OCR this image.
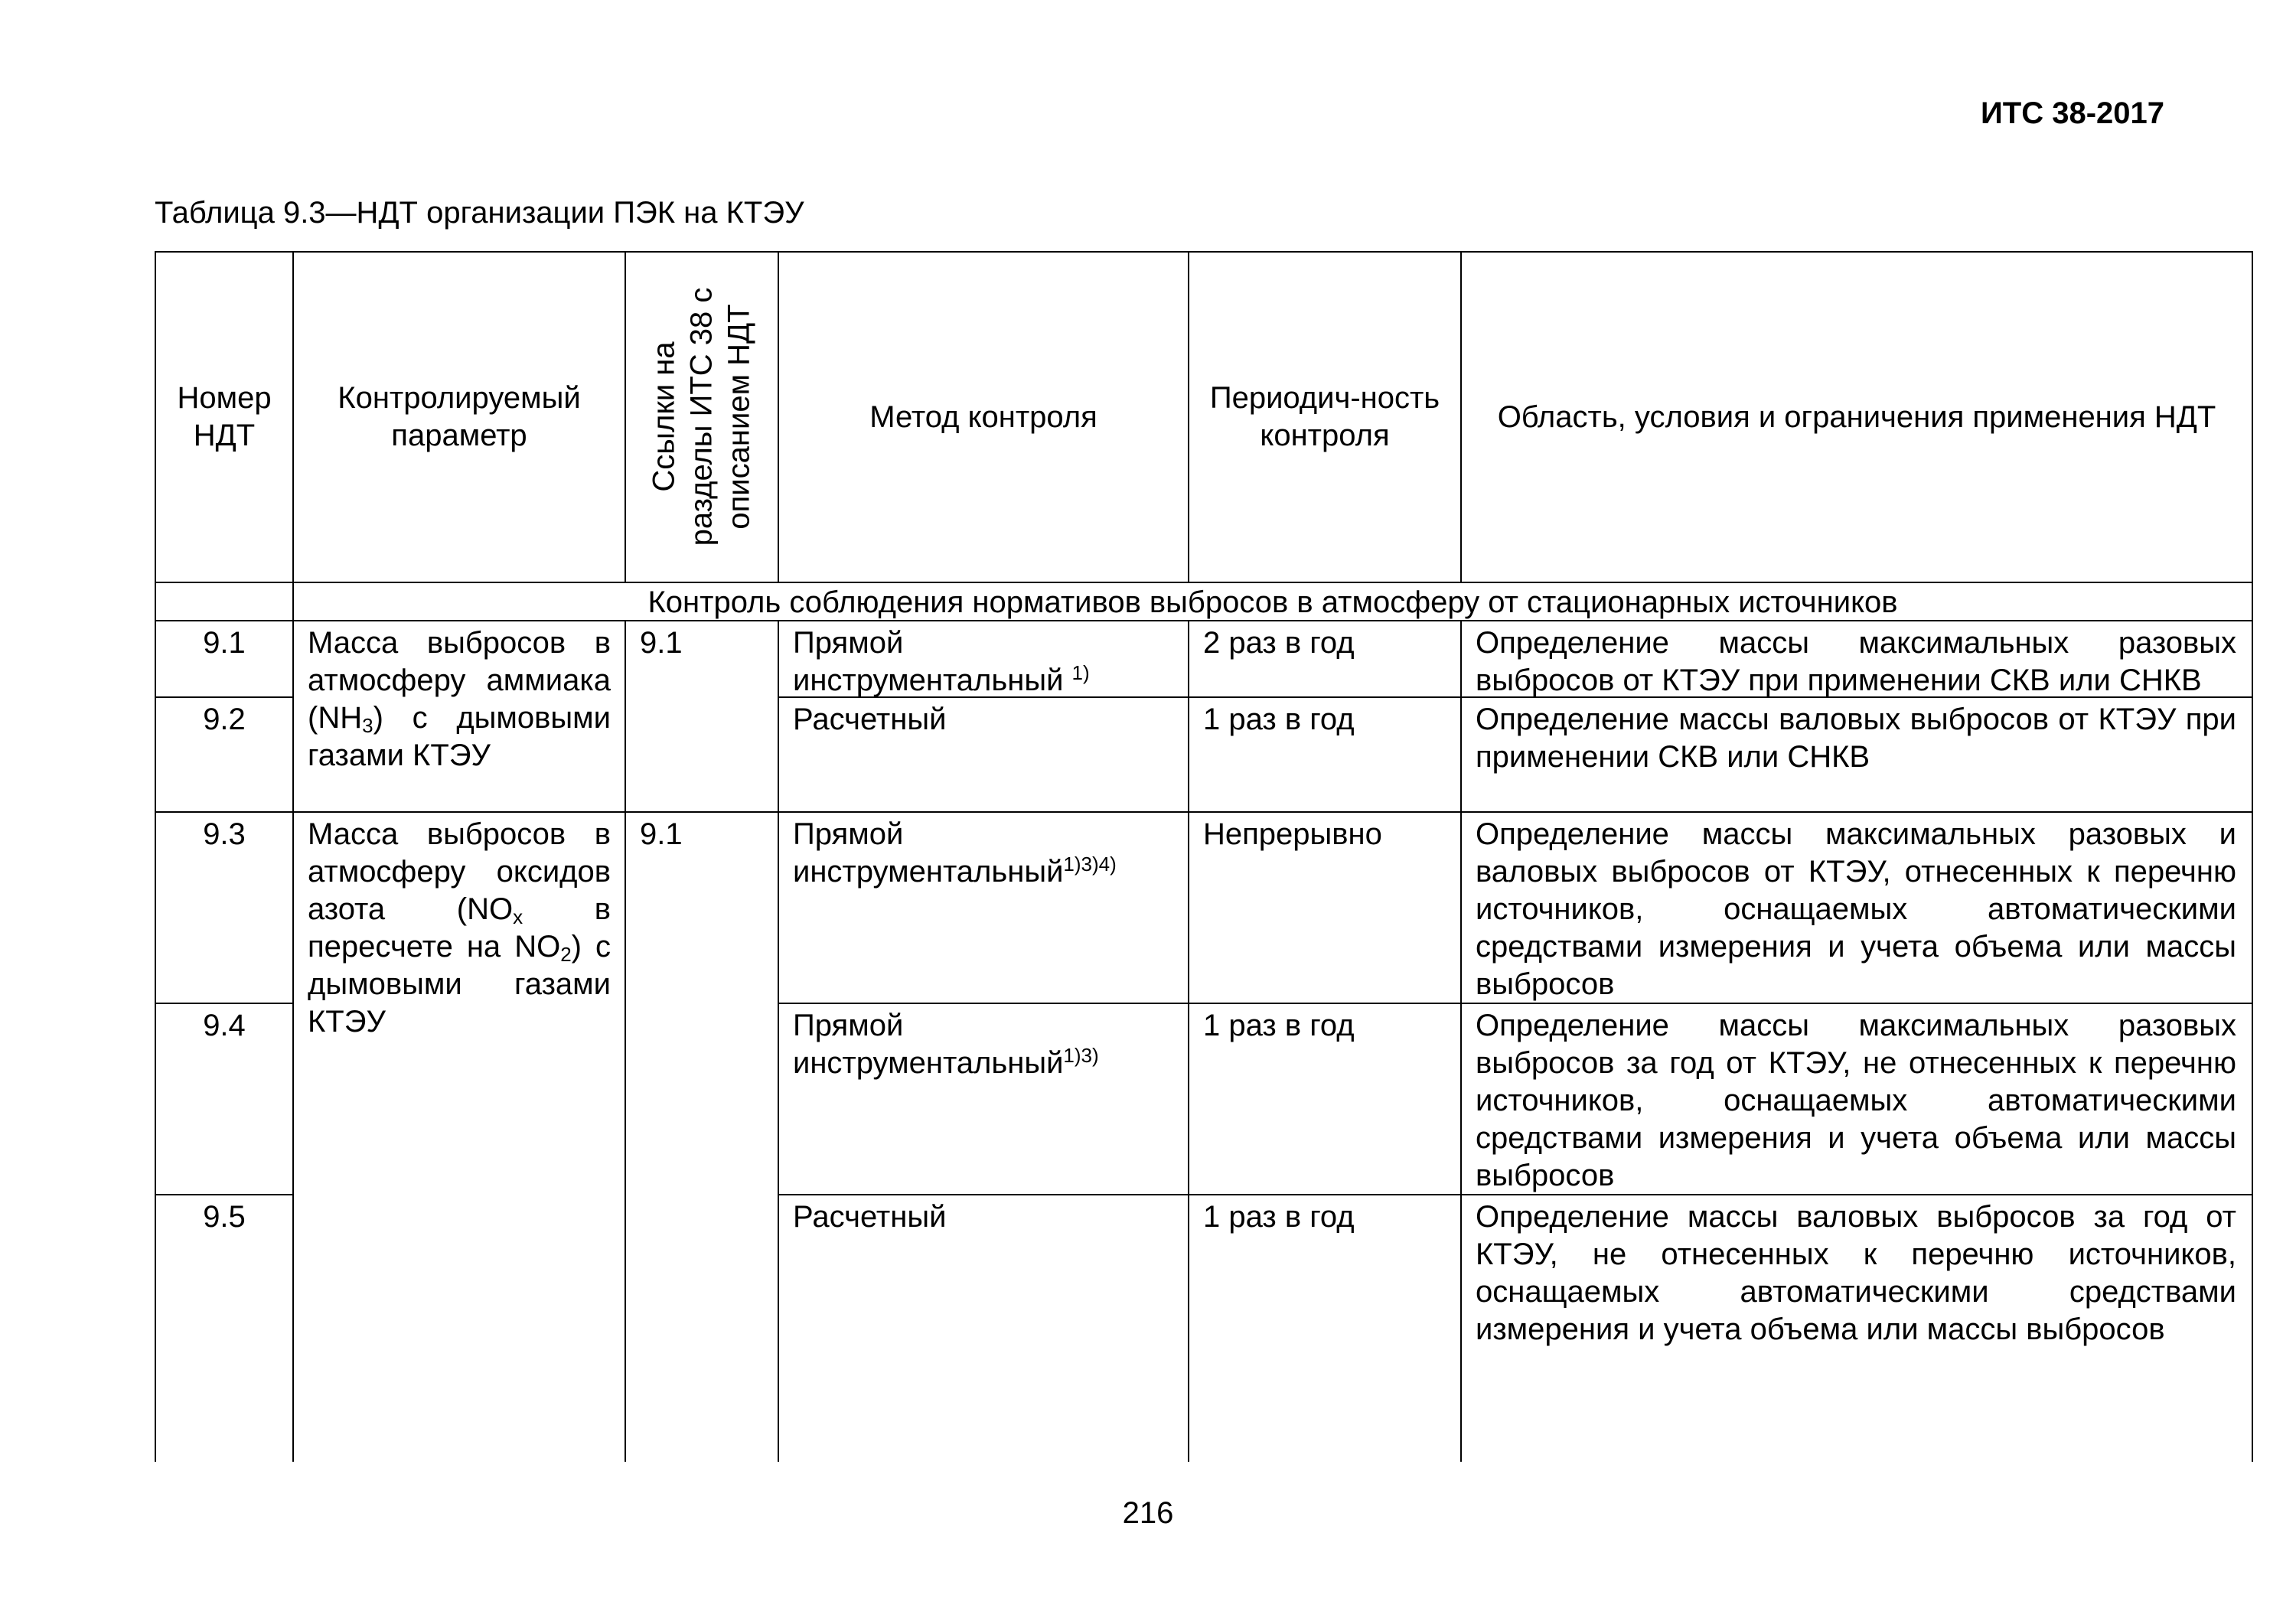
ИТС 38-2017
Таблица 9.3—НДТ организации ПЭК на КТЭУ
Номер НДТ
Контролируемый параметр	Ссылки на разделы ИТС 38 с описанием НДТ	Метод контроля
Периодич-ность контроля
Область, условия и ограничения применения НДТ
Контроль соблюдения нормативов выбросов в атмосферу от стационарных источников
9.1
9.2
9.3
9.4
9.5
Масса выбросов в атмосферу аммиака $(NH_3)$ с дымовыми газами КТЭУ
Масса выбросов в атмосферу оксидов азота ($NO_x$ в пересчете на $NO_2$) с дымовыми газами КТЭУ
9.1
9.1
Прямой инструментальный $^{1)}$
Расчетный
Прямой инструментальный$^{1)3)4)}$
Прямой инструментальный$^{1)3)}$
Расчетный
2 раз в год
1 раз в год
Непрерывно
1 раз в год
1 раз в год
Определение массы максимальных разовых выбросов от КТЭУ при применении СКВ или СНКВ
Определение массы валовых выбросов от КТЭУ при применении СКВ или СНКВ
Определение массы максимальных разовых и валовых выбросов от КТЭУ, отнесенных к перечню источников, оснащаемых автоматическими средствами измерения и учета объема или массы выбросов
Определение массы максимальных разовых выбросов за год от КТЭУ, не отнесенных к перечню источников, оснащаемых автоматическими средствами измерения и учета объема или массы выбросов
Определение массы валовых выбросов за год от КТЭУ, не отнесенных к перечню источников, оснащаемых автоматическими средствами измерения и учета объема или массы выбросов
216
